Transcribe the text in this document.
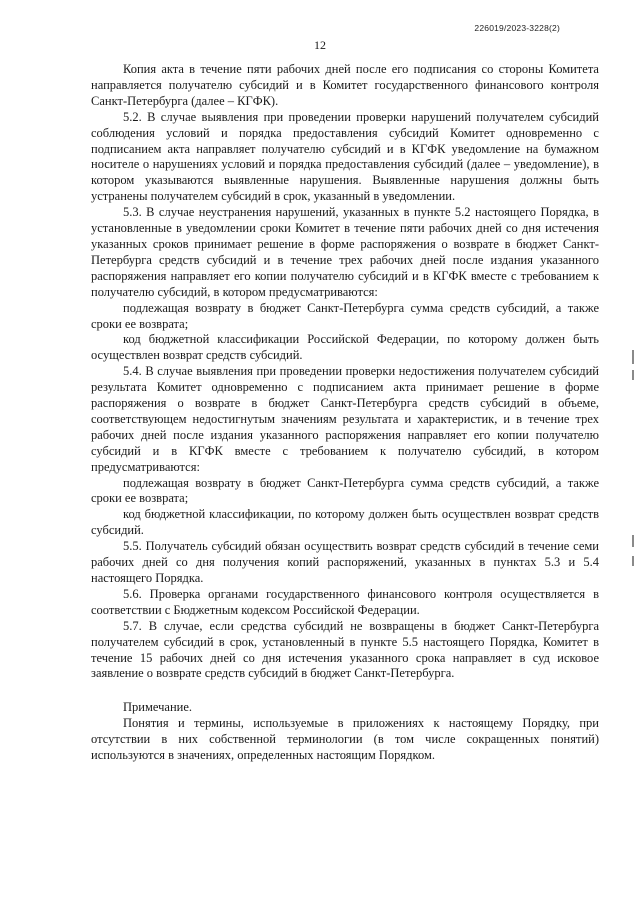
226019/2023-3228(2)
12

Копия акта в течение пяти рабочих дней после его подписания со стороны Комитета направляется получателю субсидий и в Комитет государственного финансового контроля Санкт-Петербурга (далее – КГФК).

5.2. В случае выявления при проведении проверки нарушений получателем субсидий соблюдения условий и порядка предоставления субсидий Комитет одновременно с подписанием акта направляет получателю субсидий и в КГФК уведомление на бумажном носителе о нарушениях условий и порядка предоставления субсидий (далее – уведомление), в котором указываются выявленные нарушения. Выявленные нарушения должны быть устранены получателем субсидий в срок, указанный в уведомлении.

5.3. В случае неустранения нарушений, указанных в пункте 5.2 настоящего Порядка, в установленные в уведомлении сроки Комитет в течение пяти рабочих дней со дня истечения указанных сроков принимает решение в форме распоряжения о возврате в бюджет Санкт-Петербурга средств субсидий и в течение трех рабочих дней после издания указанного распоряжения направляет его копии получателю субсидий и в КГФК вместе с требованием к получателю субсидий, в котором предусматриваются:

подлежащая возврату в бюджет Санкт-Петербурга сумма средств субсидий, а также сроки ее возврата;

код бюджетной классификации Российской Федерации, по которому должен быть осуществлен возврат средств субсидий.

5.4. В случае выявления при проведении проверки недостижения получателем субсидий результата Комитет одновременно с подписанием акта принимает решение в форме распоряжения о возврате в бюджет Санкт-Петербурга средств субсидий в объеме, соответствующем недостигнутым значениям результата и характеристик, и в течение трех рабочих дней после издания указанного распоряжения направляет его копии получателю субсидий и в КГФК вместе с требованием к получателю субсидий, в котором предусматриваются:

подлежащая возврату в бюджет Санкт-Петербурга сумма средств субсидий, а также сроки ее возврата;

код бюджетной классификации, по которому должен быть осуществлен возврат средств субсидий.

5.5. Получатель субсидий обязан осуществить возврат средств субсидий в течение семи рабочих дней со дня получения копий распоряжений, указанных в пунктах 5.3 и 5.4 настоящего Порядка.

5.6. Проверка органами государственного финансового контроля осуществляется в соответствии с Бюджетным кодексом Российской Федерации.

5.7. В случае, если средства субсидий не возвращены в бюджет Санкт-Петербурга получателем субсидий в срок, установленный в пункте 5.5 настоящего Порядка, Комитет в течение 15 рабочих дней со дня истечения указанного срока направляет в суд исковое заявление о возврате средств субсидий в бюджет Санкт-Петербурга.

Примечание.

Понятия и термины, используемые в приложениях к настоящему Порядку, при отсутствии в них собственной терминологии (в том числе сокращенных понятий) используются в значениях, определенных настоящим Порядком.
